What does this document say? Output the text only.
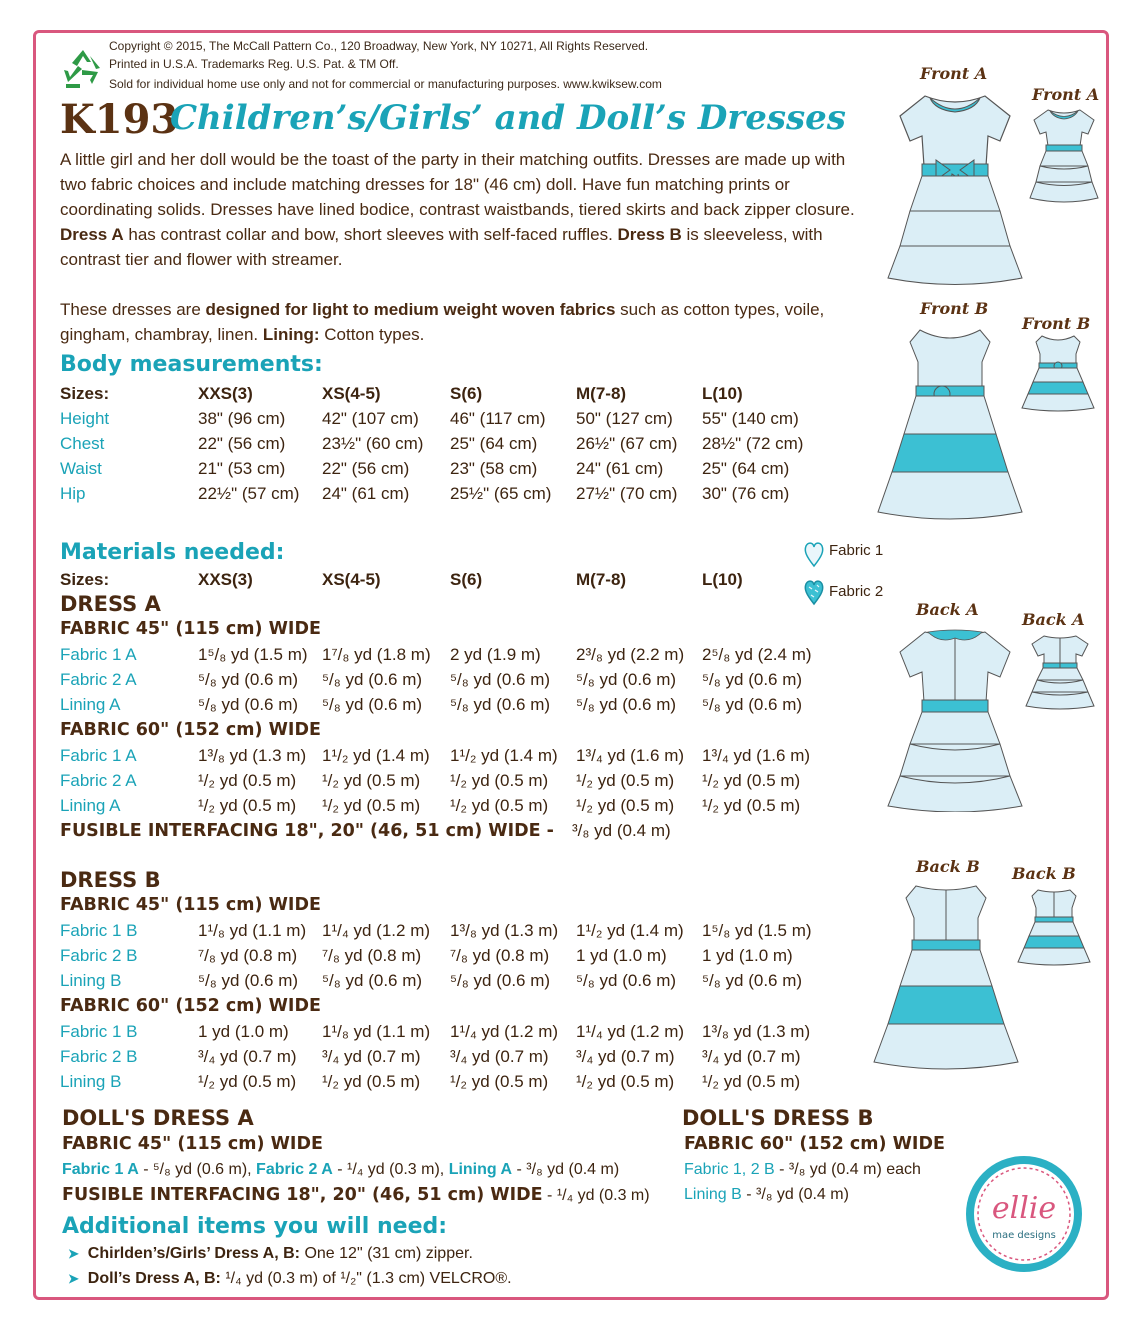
Copyright © 2015, The McCall Pattern Co., 120 Broadway, New York, NY 10271, All Rights Reserved.
Printed in U.S.A. Trademarks Reg. U.S. Pat. & TM Off.
Sold for individual home use only and not for commercial or manufacturing purposes. www.kwiksew.com
K193
Children’s/Girls’ and Doll’s Dresses
A little girl and her doll would be the toast of the party in their matching outfits. Dresses are made up with two fabric choices and include matching dresses for 18" (46 cm) doll. Have fun matching prints or coordinating solids. Dresses have lined bodice, contrast waistbands, tiered skirts and back zipper closure. Dress A has contrast collar and bow, short sleeves with self-faced ruffles. Dress B is sleeveless, with contrast tier and flower with streamer.
These dresses are designed for light to medium weight woven fabrics such as cotton types, voile, gingham, chambray, linen. Lining: Cotton types.
Body measurements:
Sizes:	XXS(3)	XS(4-5)	S(6)	M(7-8)	L(10)
Height	38" (96 cm) 42" (107 cm) 46" (117 cm) 50" (127 cm) 55" (140 cm)
Chest	22" (56 cm) 23½" (60 cm) 25" (64 cm) 26½" (67 cm) 28½" (72 cm)
Waist	21" (53 cm) 22" (56 cm) 23" (58 cm) 24" (61 cm) 25" (64 cm)
Hip	22½" (57 cm) 24" (61 cm) 25½" (65 cm) 27½" (70 cm) 30" (76 cm)
Materials needed:
Sizes:	XXS(3)	XS(4-5)	S(6)	M(7-8)	L(10)
DRESS A
FABRIC 45" (115 cm) WIDE
Fabric 1 A	1⁵/₈ yd (1.5 m) 1⁷/₈ yd (1.8 m) 2 yd (1.9 m) 2³/₈ yd (2.2 m) 2⁵/₈ yd (2.4 m)
Fabric 2 A	⁵/₈ yd (0.6 m) ⁵/₈ yd (0.6 m) ⁵/₈ yd (0.6 m) ⁵/₈ yd (0.6 m) ⁵/₈ yd (0.6 m)
Lining A	⁵/₈ yd (0.6 m) ⁵/₈ yd (0.6 m) ⁵/₈ yd (0.6 m) ⁵/₈ yd (0.6 m) ⁵/₈ yd (0.6 m)
FABRIC 60" (152 cm) WIDE
Fabric 1 A	1³/₈ yd (1.3 m) 1¹/₂ yd (1.4 m) 1¹/₂ yd (1.4 m) 1³/₄ yd (1.6 m) 1³/₄ yd (1.6 m)
Fabric 2 A	¹/₂ yd (0.5 m) ¹/₂ yd (0.5 m) ¹/₂ yd (0.5 m) ¹/₂ yd (0.5 m) ¹/₂ yd (0.5 m)
Lining A	¹/₂ yd (0.5 m) ¹/₂ yd (0.5 m) ¹/₂ yd (0.5 m) ¹/₂ yd (0.5 m) ¹/₂ yd (0.5 m)
FUSIBLE INTERFACING 18", 20" (46, 51 cm) WIDE - ³/₈ yd (0.4 m)
DRESS B
FABRIC 45" (115 cm) WIDE
Fabric 1 B	1¹/₈ yd (1.1 m) 1¹/₄ yd (1.2 m) 1³/₈ yd (1.3 m) 1¹/₂ yd (1.4 m) 1⁵/₈ yd (1.5 m)
Fabric 2 B	⁷/₈ yd (0.8 m) ⁷/₈ yd (0.8 m) ⁷/₈ yd (0.8 m) 1 yd (1.0 m) 1 yd (1.0 m)
Lining B	⁵/₈ yd (0.6 m) ⁵/₈ yd (0.6 m) ⁵/₈ yd (0.6 m) ⁵/₈ yd (0.6 m) ⁵/₈ yd (0.6 m)
FABRIC 60" (152 cm) WIDE
Fabric 1 B	1 yd (1.0 m) 1¹/₈ yd (1.1 m) 1¹/₄ yd (1.2 m) 1¹/₄ yd (1.2 m) 1³/₈ yd (1.3 m)
Fabric 2 B	³/₄ yd (0.7 m) ³/₄ yd (0.7 m) ³/₄ yd (0.7 m) ³/₄ yd (0.7 m) ³/₄ yd (0.7 m)
Lining B	¹/₂ yd (0.5 m) ¹/₂ yd (0.5 m) ¹/₂ yd (0.5 m) ¹/₂ yd (0.5 m) ¹/₂ yd (0.5 m)
Fabric 1
Fabric 2
Front A
Front A
Front B
Front B
Back A
Back A
Back B Back B
DOLL'S DRESS B
FABRIC 60" (152 cm) WIDE
Fabric 1, 2 B - ³/₈ yd (0.4 m) each
Lining B - ³/₈ yd (0.4 m)
DOLL'S DRESS A
FABRIC 45" (115 cm) WIDE
Fabric 1 A - ⁵/₈ yd (0.6 m), Fabric 2 A - ¹/₄ yd (0.3 m), Lining A - ³/₈ yd (0.4 m)
FUSIBLE INTERFACING 18", 20" (46, 51 cm) WIDE - ¹/₄ yd (0.3 m)
Additional items you will need:
➤ Chirlden’s/Girls’ Dress A, B: One 12" (31 cm) zipper.
➤ Doll’s Dress A, B: ¹/₄ yd (0.3 m) of ¹/₂" (1.3 cm) VELCRO®.
ellie
mae designs
